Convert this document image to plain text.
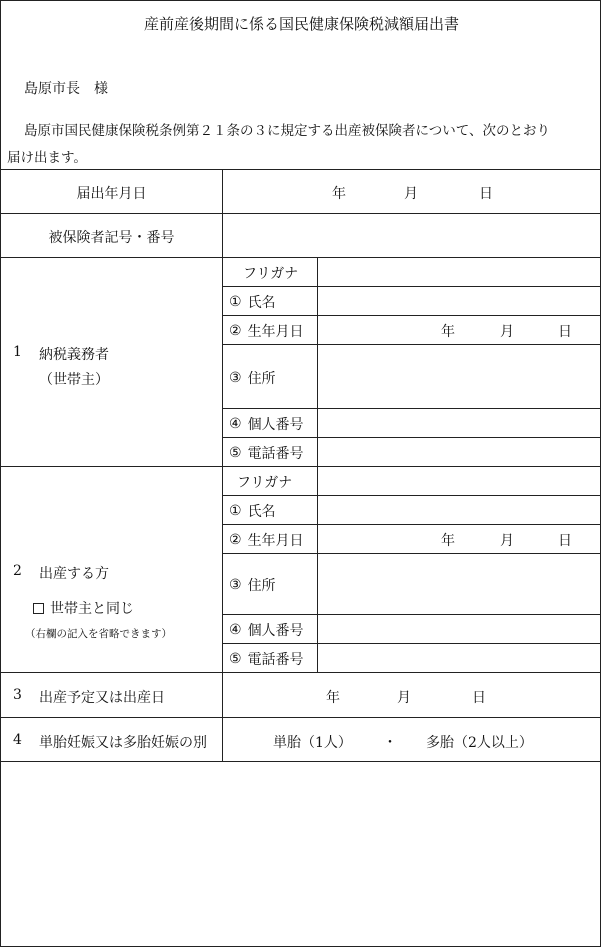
産前産後期間に係る国民健康保険税減額届出書
島原市長　様
島原市国民健康保険税条例第２１条の３に規定する出産被保険者について、次のとおり
届け出ます。
届出年月日	年	月	日
被保険者記号・番号
1 納税義務者
（世帯主）
フリガナ
① 氏名
② 生年月日	年	月	日
③ 住所
④ 個人番号
⑤ 電話番号
2 出産する方
世帯主と同じ
（右欄の記入を省略できます）
フリガナ
① 氏名
② 生年月日	年	月	日
③ 住所
④ 個人番号
⑤ 電話番号
3 出産予定又は出産日	年	月	日
4 単胎妊娠又は多胎妊娠の別	単胎（1人） ・ 多胎（2人以上）
